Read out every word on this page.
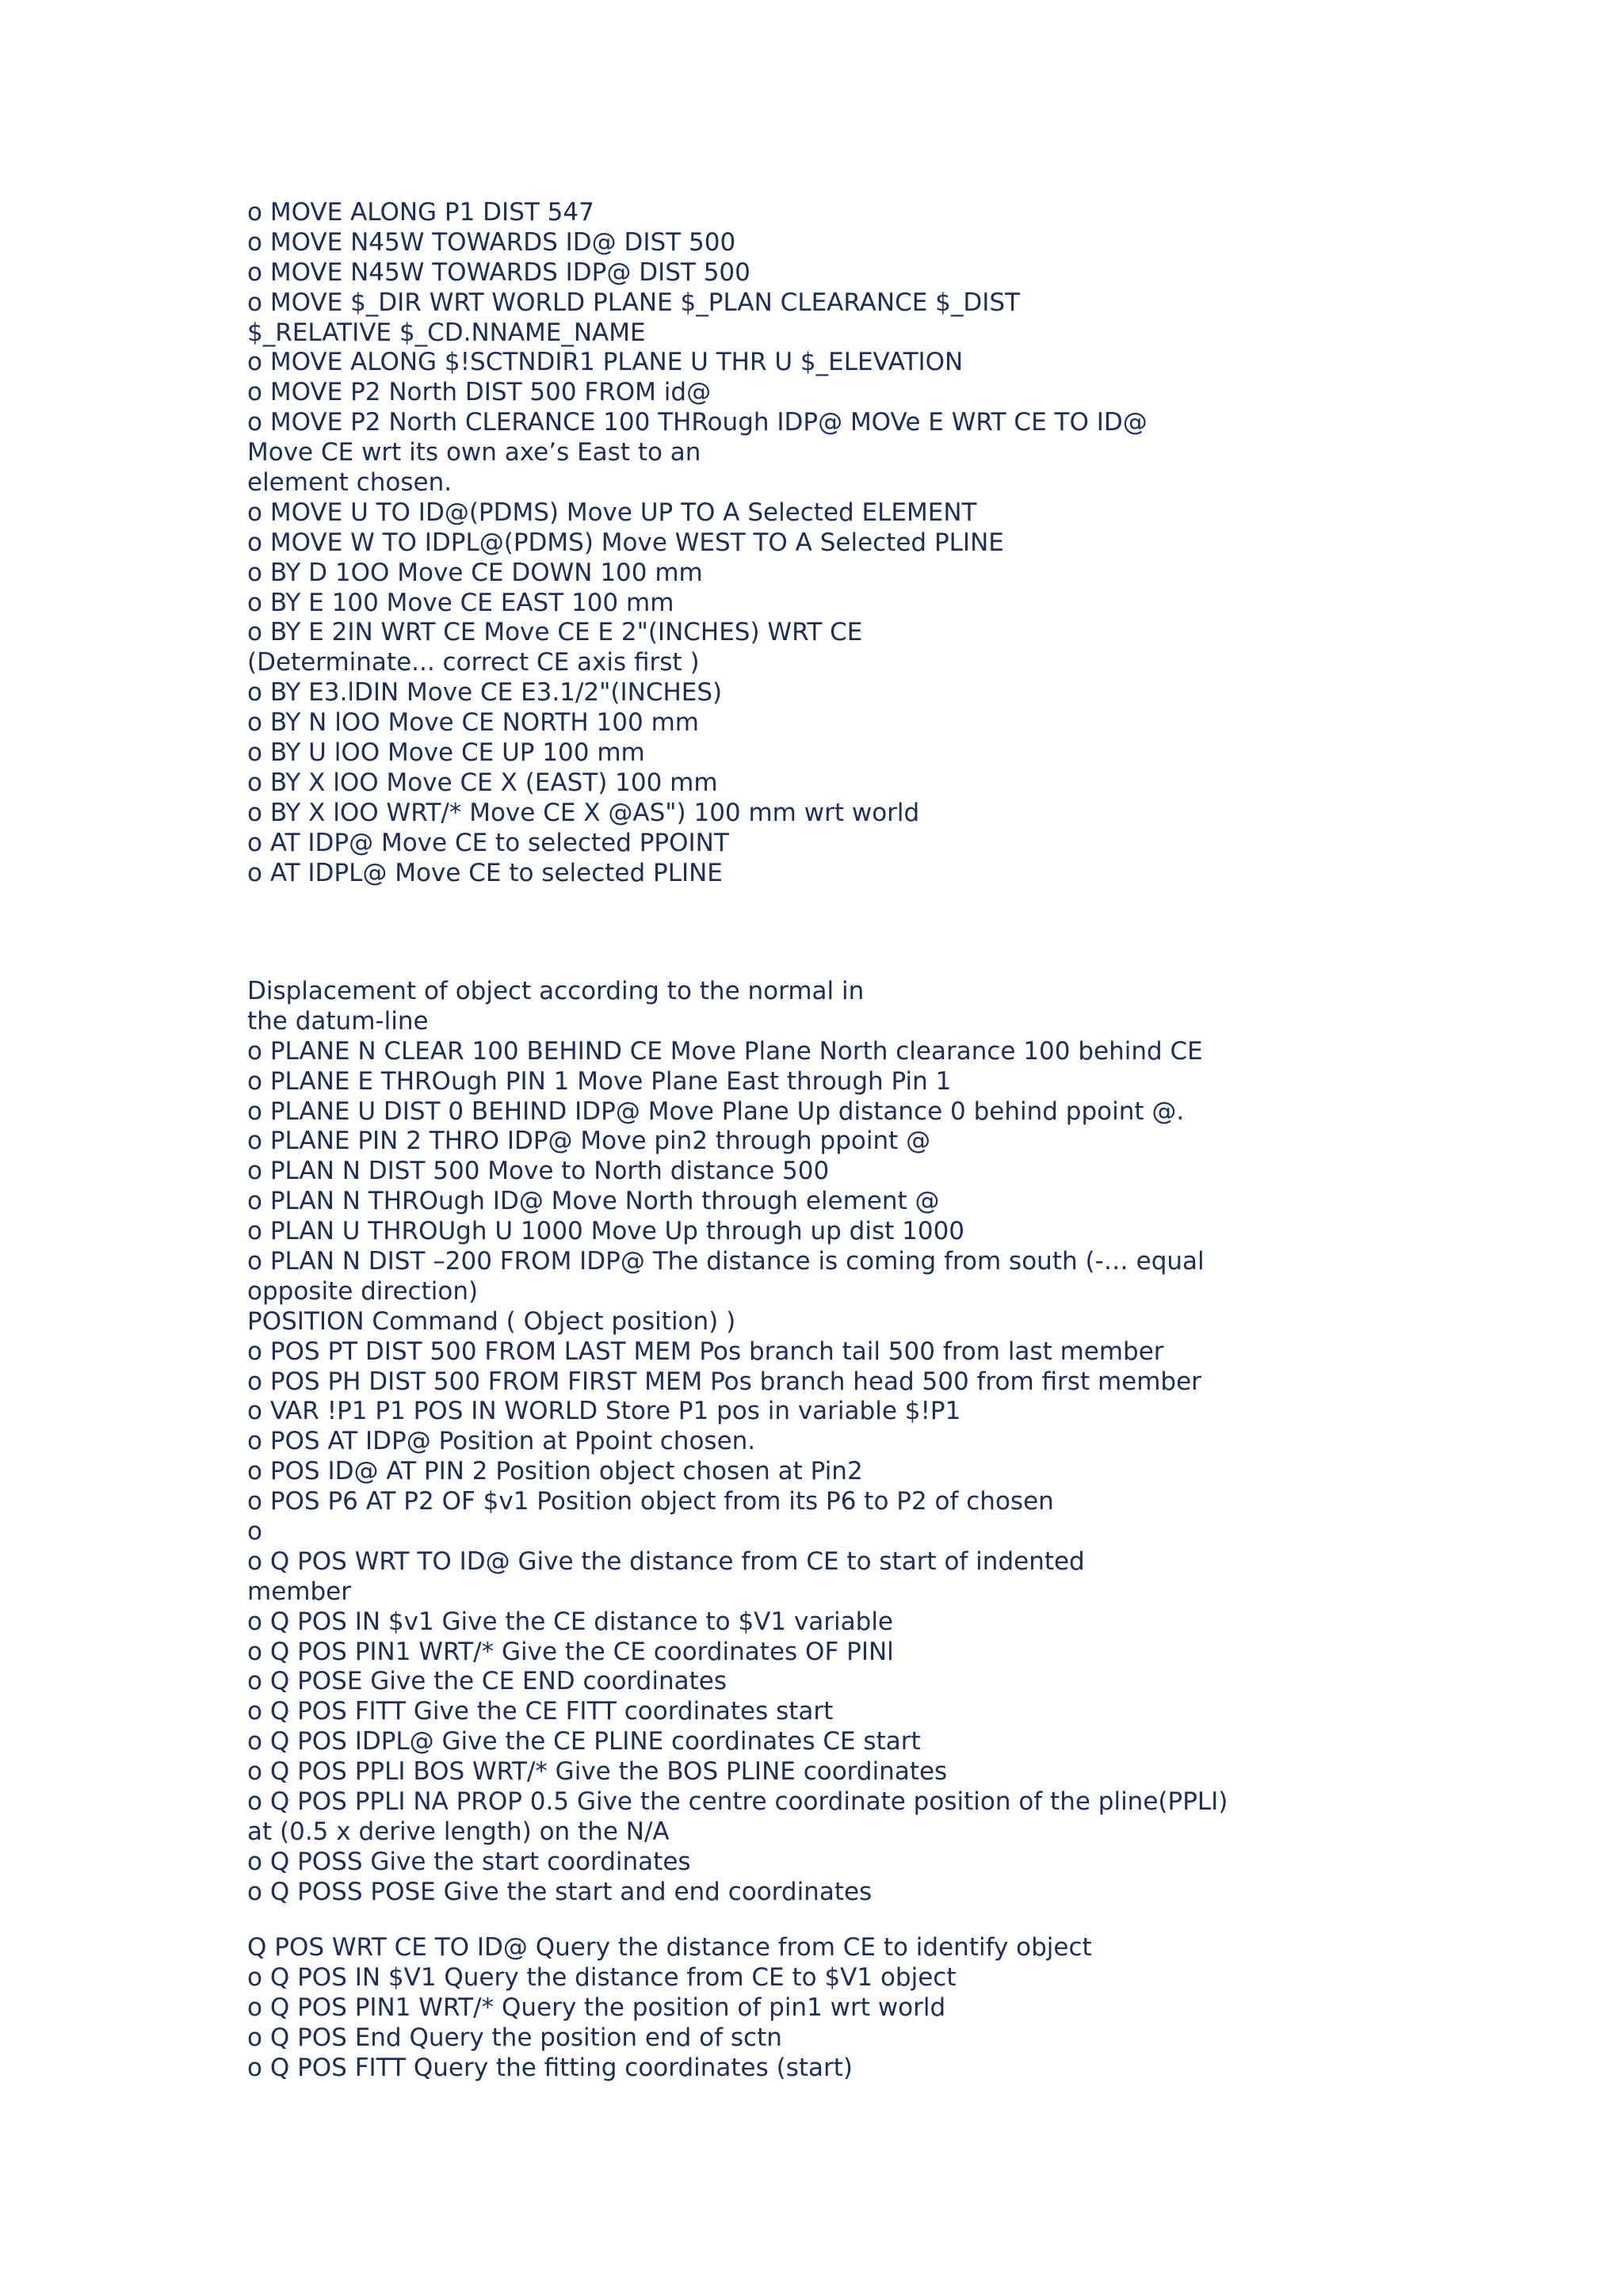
o MOVE ALONG P1 DIST 547
o MOVE N45W TOWARDS ID@ DIST 500
o MOVE N45W TOWARDS IDP@ DIST 500
o MOVE $_DIR WRT WORLD PLANE $_PLAN CLEARANCE $_DIST
$_RELATIVE $_CD.NNAME_NAME
o MOVE ALONG $!SCTNDIR1 PLANE U THR U $_ELEVATION
o MOVE P2 North DIST 500 FROM id@
o MOVE P2 North CLERANCE 100 THRough IDP@ MOVe E WRT CE TO ID@
Move CE wrt its own axe’s East to an
element chosen.
o MOVE U TO ID@(PDMS) Move UP TO A Selected ELEMENT
o MOVE W TO IDPL@(PDMS) Move WEST TO A Selected PLINE
o BY D 1OO Move CE DOWN 100 mm
o BY E 100 Move CE EAST 100 mm
o BY E 2IN WRT CE Move CE E 2"(INCHES) WRT CE
(Determinate... correct CE axis first )
o BY E3.lDIN Move CE E3.1/2"(INCHES)
o BY N lOO Move CE NORTH 100 mm
o BY U lOO Move CE UP 100 mm
o BY X lOO Move CE X (EAST) 100 mm
o BY X lOO WRT/* Move CE X @AS") 100 mm wrt world
o AT IDP@ Move CE to selected PPOINT
o AT IDPL@ Move CE to selected PLINE
Displacement of object according to the normal in
the datum-line
o PLANE N CLEAR 100 BEHIND CE Move Plane North clearance 100 behind CE
o PLANE E THROugh PIN 1 Move Plane East through Pin 1
o PLANE U DIST 0 BEHIND IDP@ Move Plane Up distance 0 behind ppoint @.
o PLANE PIN 2 THRO IDP@ Move pin2 through ppoint @
o PLAN N DIST 500 Move to North distance 500
o PLAN N THROugh ID@ Move North through element @
o PLAN U THROUgh U 1000 Move Up through up dist 1000
o PLAN N DIST –200 FROM IDP@ The distance is coming from south (-… equal
opposite direction)
POSITION Command ( Object position) )
o POS PT DIST 500 FROM LAST MEM Pos branch tail 500 from last member
o POS PH DIST 500 FROM FIRST MEM Pos branch head 500 from first member
o VAR !P1 P1 POS IN WORLD Store P1 pos in variable $!P1
o POS AT IDP@ Position at Ppoint chosen.
o POS ID@ AT PIN 2 Position object chosen at Pin2
o POS P6 AT P2 OF $v1 Position object from its P6 to P2 of chosen
o
o Q POS WRT TO ID@ Give the distance from CE to start of indented
member
o Q POS IN $v1 Give the CE distance to $V1 variable
o Q POS PIN1 WRT/* Give the CE coordinates OF PINl
o Q POSE Give the CE END coordinates
o Q POS FITT Give the CE FITT coordinates start
o Q POS IDPL@ Give the CE PLINE coordinates CE start
o Q POS PPLI BOS WRT/* Give the BOS PLINE coordinates
o Q POS PPLI NA PROP 0.5 Give the centre coordinate position of the pline(PPLI)
at (0.5 x derive length) on the N/A
o Q POSS Give the start coordinates
o Q POSS POSE Give the start and end coordinates
Q POS WRT CE TO ID@ Query the distance from CE to identify object
o Q POS IN $V1 Query the distance from CE to $V1 object
o Q POS PIN1 WRT/* Query the position of pin1 wrt world
o Q POS End Query the position end of sctn
o Q POS FITT Query the fitting coordinates (start)
